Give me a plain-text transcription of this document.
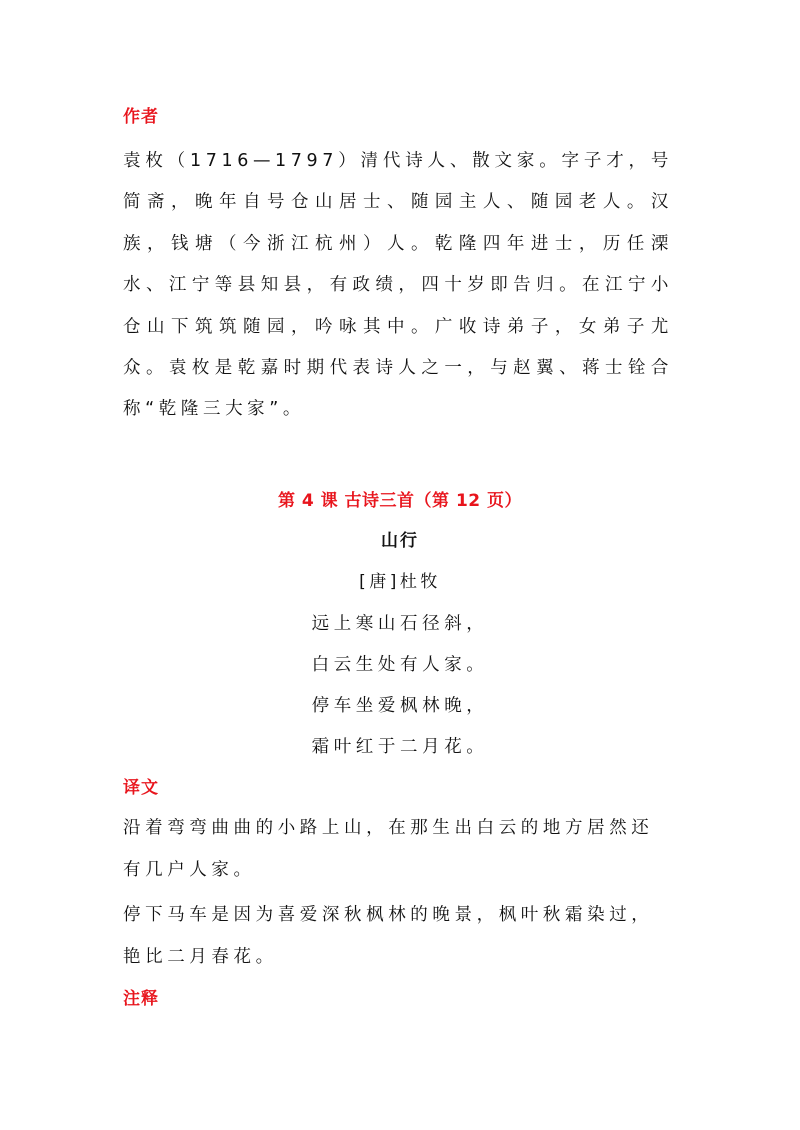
作者
袁枚（1716—1797）清代诗人、散文家。字子才，号简斋，晚年自号仓山居士、随园主人、随园老人。汉族，钱塘（今浙江杭州）人。乾隆四年进士，历任溧水、江宁等县知县，有政绩，四十岁即告归。在江宁小仓山下筑筑随园，吟咏其中。广收诗弟子，女弟子尤众。袁枚是乾嘉时期代表诗人之一，与赵翼、蒋士铨合称“乾隆三大家”。
第 4 课 古诗三首（第 12 页）
山行
[唐]杜牧
远上寒山石径斜，
白云生处有人家。
停车坐爱枫林晚，
霜叶红于二月花。
译文
沿着弯弯曲曲的小路上山，在那生出白云的地方居然还
有几户人家。
停下马车是因为喜爱深秋枫林的晚景，枫叶秋霜染过，
艳比二月春花。
注释
